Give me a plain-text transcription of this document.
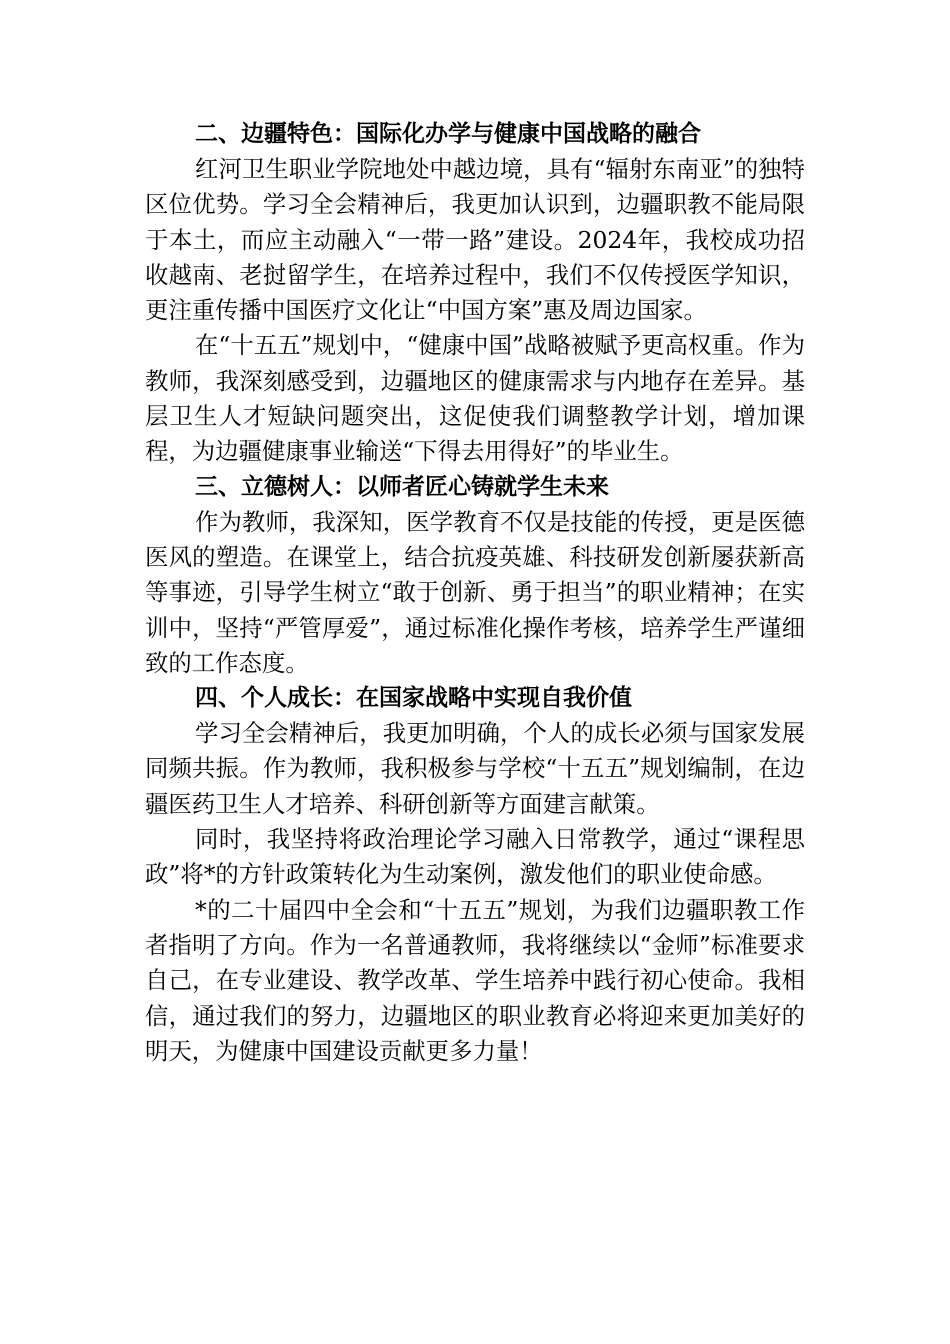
二、边疆特色：国际化办学与健康中国战略的融合

红河卫生职业学院地处中越边境，具有“辐射东南亚”的独特区位优势。学习全会精神后，我更加认识到，边疆职教不能局限于本土，而应主动融入“一带一路”建设。2024年，我校成功招收越南、老挝留学生，在培养过程中，我们不仅传授医学知识，更注重传播中国医疗文化让“中国方案”惠及周边国家。

在“十五五”规划中，“健康中国”战略被赋予更高权重。作为教师，我深刻感受到，边疆地区的健康需求与内地存在差异。基层卫生人才短缺问题突出，这促使我们调整教学计划，增加课程，为边疆健康事业输送“下得去用得好”的毕业生。

三、立德树人：以师者匠心铸就学生未来

作为教师，我深知，医学教育不仅是技能的传授，更是医德医风的塑造。在课堂上，结合抗疫英雄、科技研发创新屡获新高等事迹，引导学生树立“敢于创新、勇于担当”的职业精神；在实训中，坚持“严管厚爱”，通过标准化操作考核，培养学生严谨细致的工作态度。

四、个人成长：在国家战略中实现自我价值

学习全会精神后，我更加明确，个人的成长必须与国家发展同频共振。作为教师，我积极参与学校“十五五”规划编制，在边疆医药卫生人才培养、科研创新等方面建言献策。

同时，我坚持将政治理论学习融入日常教学，通过“课程思政”将*的方针政策转化为生动案例，激发他们的职业使命感。

*的二十届四中全会和“十五五”规划，为我们边疆职教工作者指明了方向。作为一名普通教师，我将继续以“金师”标准要求自己，在专业建设、教学改革、学生培养中践行初心使命。我相信，通过我们的努力，边疆地区的职业教育必将迎来更加美好的明天，为健康中国建设贡献更多力量！
